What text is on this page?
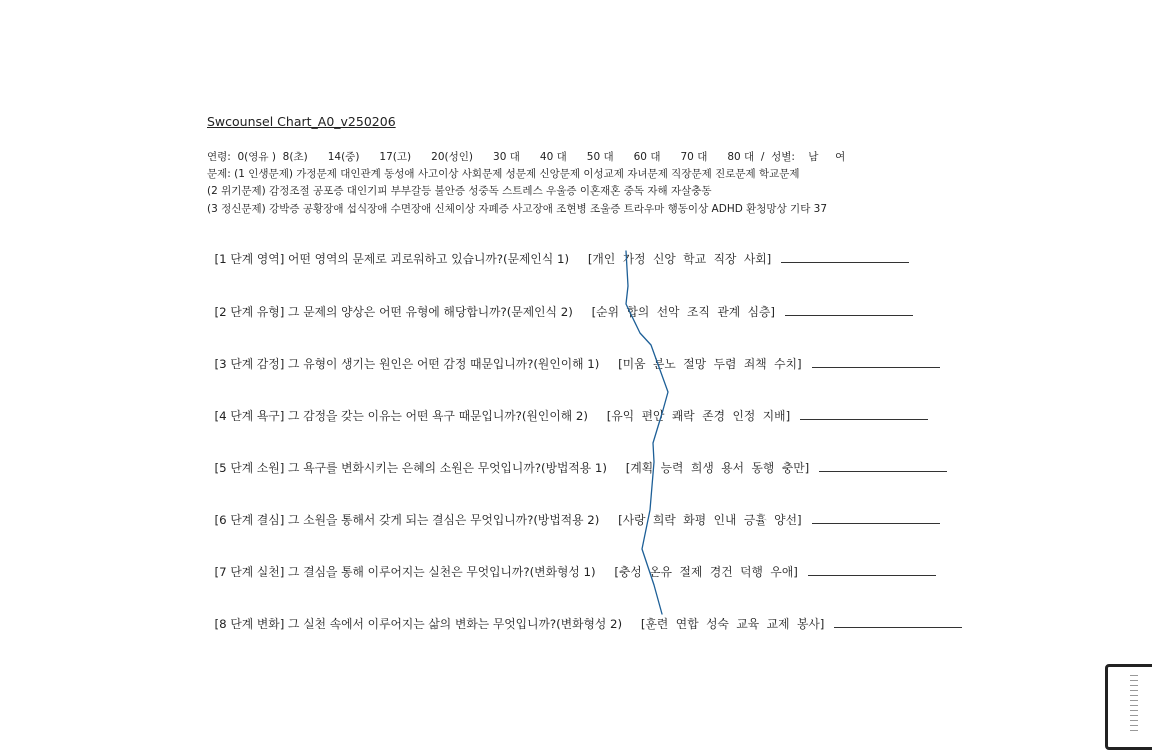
Swcounsel Chart_A0_v250206
연령:  0(영유 )  8(초)      14(중)      17(고)      20(성인)      30 대      40 대      50 대      60 대      70 대      80 대  /  성별:    남     여
문제: (1 인생문제) 가정문제 대인관계 동성애 사고이상 사회문제 성문제 신앙문제 이성교제 자녀문제 직장문제 진로문제 학교문제
(2 위기문제) 감정조절 공포증 대인기피 부부갈등 불안증 성중독 스트레스 우울증 이혼재혼 중독 자해 자살충동
(3 정신문제) 강박증 공황장애 섭식장애 수면장애 신체이상 자폐증 사고장애 조현병 조울증 트라우마 행동이상 ADHD 환청망상 기타 37

[1 단계 영역] 어떤 영역의 문제로 괴로워하고 있습니까?(문제인식 1)     [개인  가정  신앙  학교  직장  사회]

[2 단계 유형] 그 문제의 양상은 어떤 유형에 해당합니까?(문제인식 2)     [순위  합의  선악  조직  관계  심층]

[3 단계 감정] 그 유형이 생기는 원인은 어떤 감정 때문입니까?(원인이해 1)     [미움  분노  절망  두렴  죄책  수치]

[4 단계 욕구] 그 감정을 갖는 이유는 어떤 욕구 때문입니까?(원인이해 2)     [유익  편안  쾌락  존경  인정  지배]

[5 단계 소원] 그 욕구를 변화시키는 은혜의 소원은 무엇입니까?(방법적용 1)     [계획  능력  희생  용서  동행  충만]

[6 단계 결심] 그 소원을 통해서 갖게 되는 결심은 무엇입니까?(방법적용 2)     [사랑  희락  화평  인내  긍휼  양선]

[7 단계 실천] 그 결심을 통해 이루어지는 실천은 무엇입니까?(변화형성 1)     [충성  온유  절제  경건  덕행  우애]

[8 단계 변화] 그 실천 속에서 이루어지는 삶의 변화는 무엇입니까?(변화형성 2)     [훈련  연합  성숙  교육  교제  봉사]
